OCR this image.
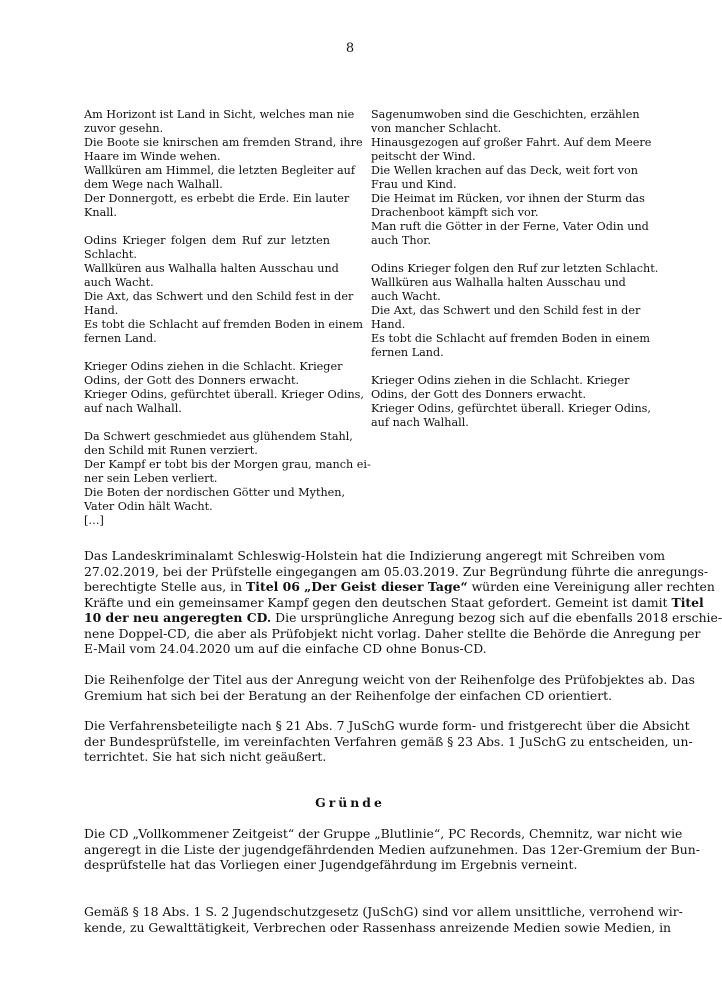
8
Am Horizont ist Land in Sicht, welches man nie
zuvor gesehn.
Die Boote sie knirschen am fremden Strand, ihre
Haare im Winde wehen.
Wallküren am Himmel, die letzten Begleiter auf
dem Wege nach Walhall.
Der Donnergott, es erbebt die Erde. Ein lauter
Knall.
Odins Krieger folgen dem Ruf zur letzten
Schlacht.
Wallküren aus Walhalla halten Ausschau und
auch Wacht.
Die Axt, das Schwert und den Schild fest in der
Hand.
Es tobt die Schlacht auf fremden Boden in einem
fernen Land.
Krieger Odins ziehen in die Schlacht. Krieger
Odins, der Gott des Donners erwacht.
Krieger Odins, gefürchtet überall. Krieger Odins,
auf nach Walhall.
Da Schwert geschmiedet aus glühendem Stahl,
den Schild mit Runen verziert.
Der Kampf er tobt bis der Morgen grau, manch ei-
ner sein Leben verliert.
Die Boten der nordischen Götter und Mythen,
Vater Odin hält Wacht.
[…]
Sagenumwoben sind die Geschichten, erzählen
von mancher Schlacht.
Hinausgezogen auf großer Fahrt. Auf dem Meere
peitscht der Wind.
Die Wellen krachen auf das Deck, weit fort von
Frau und Kind.
Die Heimat im Rücken, vor ihnen der Sturm das
Drachenboot kämpft sich vor.
Man ruft die Götter in der Ferne, Vater Odin und
auch Thor.
Odins Krieger folgen den Ruf zur letzten Schlacht.
Wallküren aus Walhalla halten Ausschau und
auch Wacht.
Die Axt, das Schwert und den Schild fest in der
Hand.
Es tobt die Schlacht auf fremden Boden in einem
fernen Land.
Krieger Odins ziehen in die Schlacht. Krieger
Odins, der Gott des Donners erwacht.
Krieger Odins, gefürchtet überall. Krieger Odins,
auf nach Walhall.
Das Landeskriminalamt Schleswig-Holstein hat die Indizierung angeregt mit Schreiben vom
27.02.2019, bei der Prüfstelle eingegangen am 05.03.2019. Zur Begründung führte die anregungs-
berechtigte Stelle aus, in Titel 06 „Der Geist dieser Tage“ würden eine Vereinigung aller rechten
Kräfte und ein gemeinsamer Kampf gegen den deutschen Staat gefordert. Gemeint ist damit Titel
10 der neu angeregten CD. Die ursprüngliche Anregung bezog sich auf die ebenfalls 2018 erschie-
nene Doppel-CD, die aber als Prüfobjekt nicht vorlag. Daher stellte die Behörde die Anregung per
E-Mail vom 24.04.2020 um auf die einfache CD ohne Bonus-CD.
Die Reihenfolge der Titel aus der Anregung weicht von der Reihenfolge des Prüfobjektes ab. Das
Gremium hat sich bei der Beratung an der Reihenfolge der einfachen CD orientiert.
Die Verfahrensbeteiligte nach § 21 Abs. 7 JuSchG wurde form- und fristgerecht über die Absicht
der Bundesprüfstelle, im vereinfachten Verfahren gemäß § 23 Abs. 1 JuSchG zu entscheiden, un-
terrichtet. Sie hat sich nicht geäußert.
Gründe
Die CD „Vollkommener Zeitgeist“ der Gruppe „Blutlinie“, PC Records, Chemnitz, war nicht wie
angeregt in die Liste der jugendgefährdenden Medien aufzunehmen. Das 12er-Gremium der Bun-
desprüfstelle hat das Vorliegen einer Jugendgefährdung im Ergebnis verneint.
Gemäß § 18 Abs. 1 S. 2 Jugendschutzgesetz (JuSchG) sind vor allem unsittliche, verrohend wir-
kende, zu Gewalttätigkeit, Verbrechen oder Rassenhass anreizende Medien sowie Medien, in
